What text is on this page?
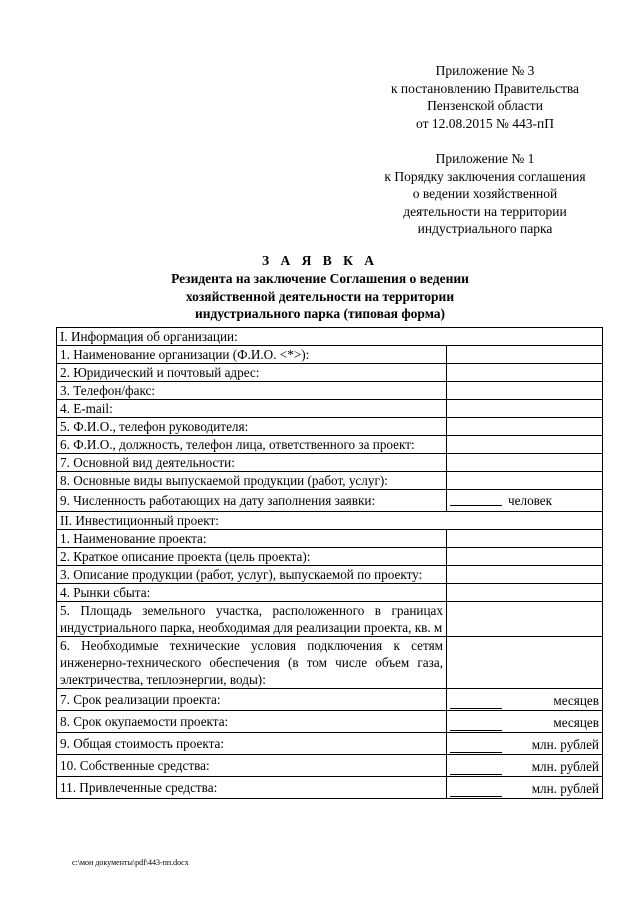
Приложение № 3
к постановлению Правительства
Пензенской области
от 12.08.2015 № 443-пП
Приложение № 1
к Порядку заключения соглашения
о ведении хозяйственной
деятельности на территории
индустриального парка
З А Я В К А
Резидента на заключение Соглашения о ведении
хозяйственной деятельности на территории
индустриального парка (типовая форма)
I. Информация об организации:	
1. Наименование организации (Ф.И.О. <*>):	
2. Юридический и почтовый адрес:	
3. Телефон/факс:	
4. E-mail:	
5. Ф.И.О., телефон руководителя:	
6. Ф.И.О., должность, телефон лица, ответственного за проект:	
7. Основной вид деятельности:	
8. Основные виды выпускаемой продукции (работ, услуг):	
9. Численность работающих на дату заполнения заявки:	человек

II. Инвестиционный проект:	
1. Наименование проекта:	
2. Краткое описание проекта (цель проекта):	
3. Описание продукции (работ, услуг), выпускаемой по проекту:	
4. Рынки сбыта:	
5. Площадь земельного участка, расположенного в границах индустриального парка, необходимая для реализации проекта, кв. м	
6. Необходимые технические условия подключения к сетям инженерно-технического обеспечения (в том числе объем газа, электричества, теплоэнергии, воды):	
7. Срок реализации проекта:	месяцев

8. Срок окупаемости проекта:	месяцев

9. Общая стоимость проекта:	млн. рублей

10. Собственные средства:	млн. рублей

11. Привлеченные средства:	млн. рублей
c:\мои документы\pdf\443-пп.docx
